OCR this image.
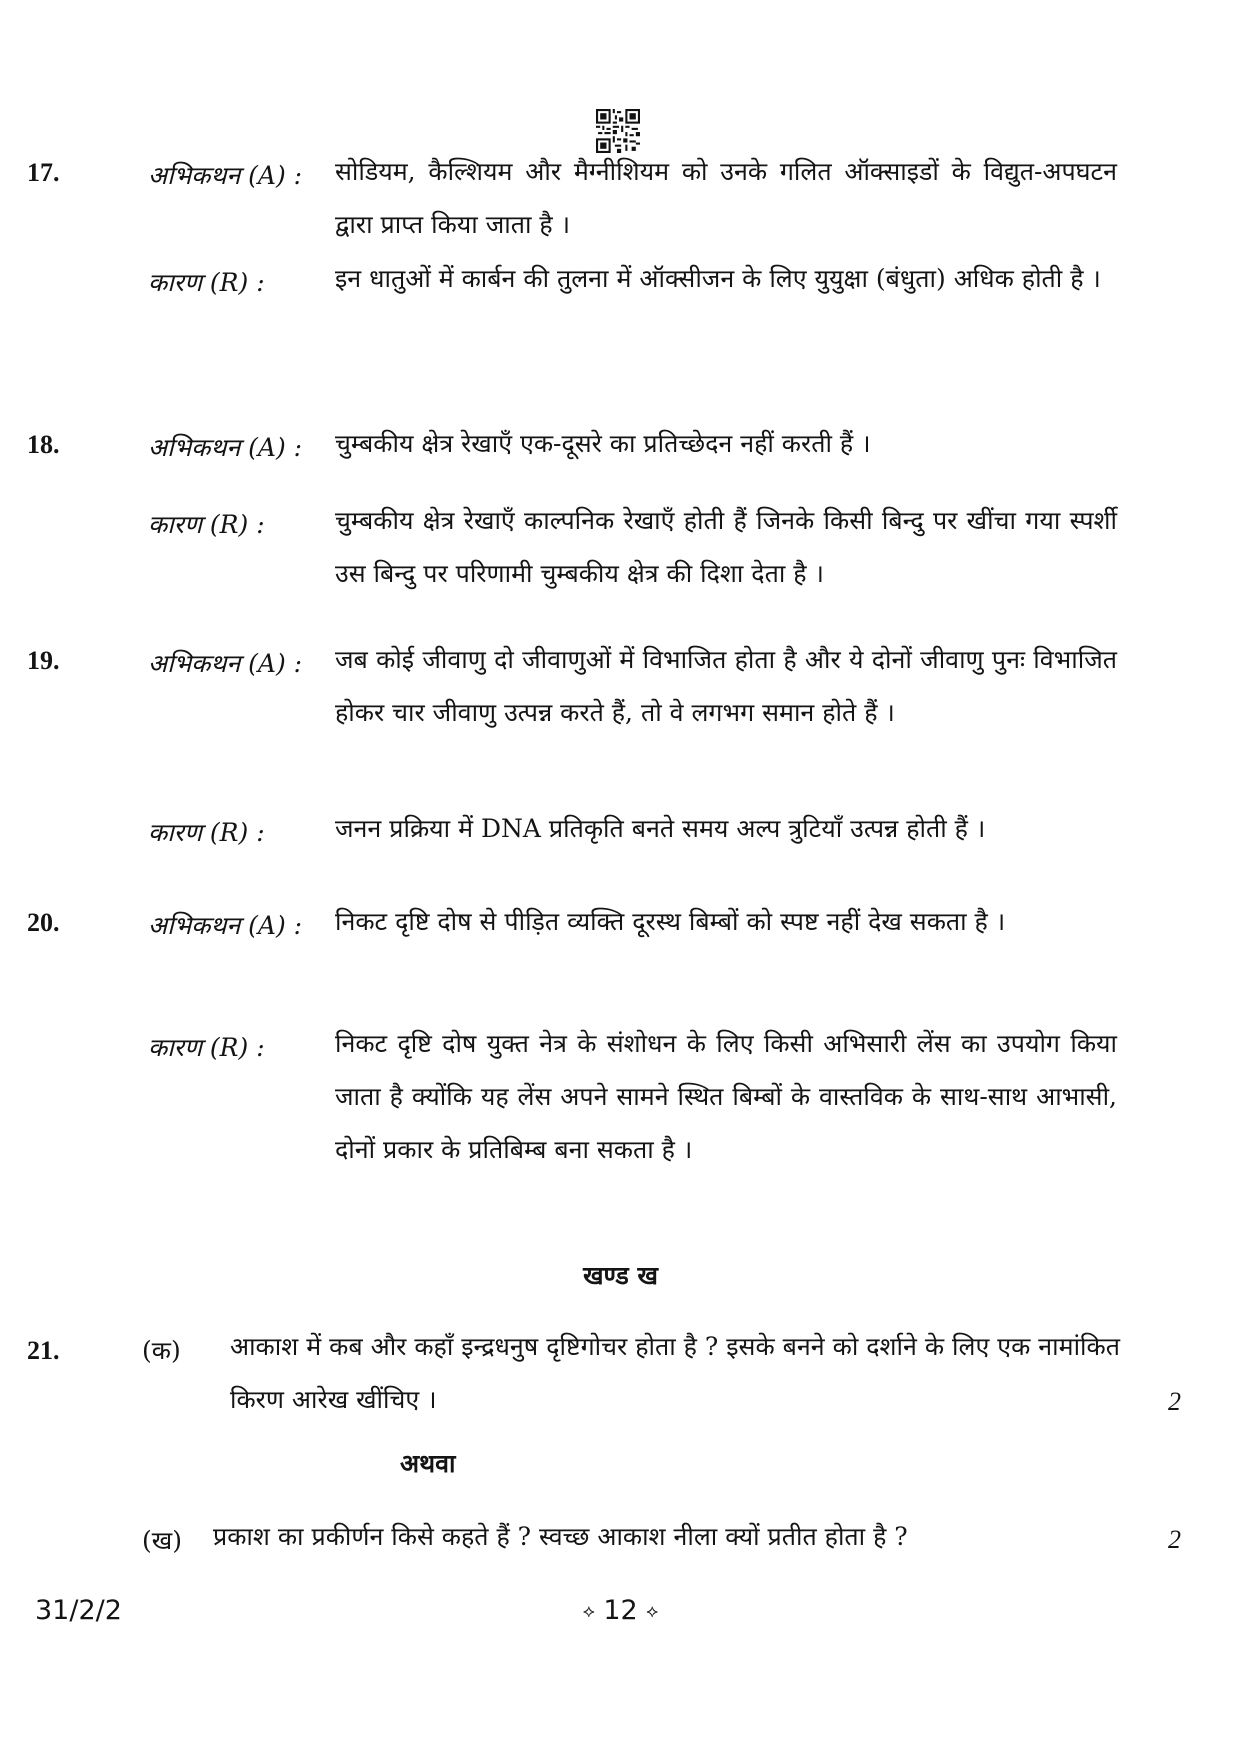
17.	अभिकथन (A) : सोडियम, कैल्शियम और मैग्नीशियम को उनके गलित ऑक्साइडों के विद्युत-अपघटन द्वारा प्राप्त किया जाता है ।
कारण (R) :	इन धातुओं में कार्बन की तुलना में ऑक्सीजन के लिए युयुक्षा (बंधुता) अधिक होती है ।
18.	अभिकथन (A) : चुम्बकीय क्षेत्र रेखाएँ एक-दूसरे का प्रतिच्छेदन नहीं करती हैं ।
कारण (R) :	चुम्बकीय क्षेत्र रेखाएँ काल्पनिक रेखाएँ होती हैं जिनके किसी बिन्दु पर खींचा गया स्पर्शी उस बिन्दु पर परिणामी चुम्बकीय क्षेत्र की दिशा देता है ।
19.	अभिकथन (A) : जब कोई जीवाणु दो जीवाणुओं में विभाजित होता है और ये दोनों जीवाणु पुनः विभाजित होकर चार जीवाणु उत्पन्न करते हैं, तो वे लगभग समान होते हैं ।
कारण (R) :	जनन प्रक्रिया में DNA प्रतिकृति बनते समय अल्प त्रुटियाँ उत्पन्न होती हैं ।
20.	अभिकथन (A) : निकट दृष्टि दोष से पीड़ित व्यक्ति दूरस्थ बिम्बों को स्पष्ट नहीं देख सकता है ।
कारण (R) :	निकट दृष्टि दोष युक्त नेत्र के संशोधन के लिए किसी अभिसारी लेंस का उपयोग किया जाता है क्योंकि यह लेंस अपने सामने स्थित बिम्बों के वास्तविक के साथ-साथ आभासी, दोनों प्रकार के प्रतिबिम्ब बना सकता है ।
खण्ड ख
21.	(क) आकाश में कब और कहाँ इन्द्रधनुष दृष्टिगोचर होता है ? इसके बनने को दर्शाने के लिए एक नामांकित किरण आरेख खींचिए ।	2
अथवा
(ख) प्रकाश का प्रकीर्णन किसे कहते हैं ? स्वच्छ आकाश नीला क्यों प्रतीत होता है ?	2
31/2/2	⟡ 12 ⟡
